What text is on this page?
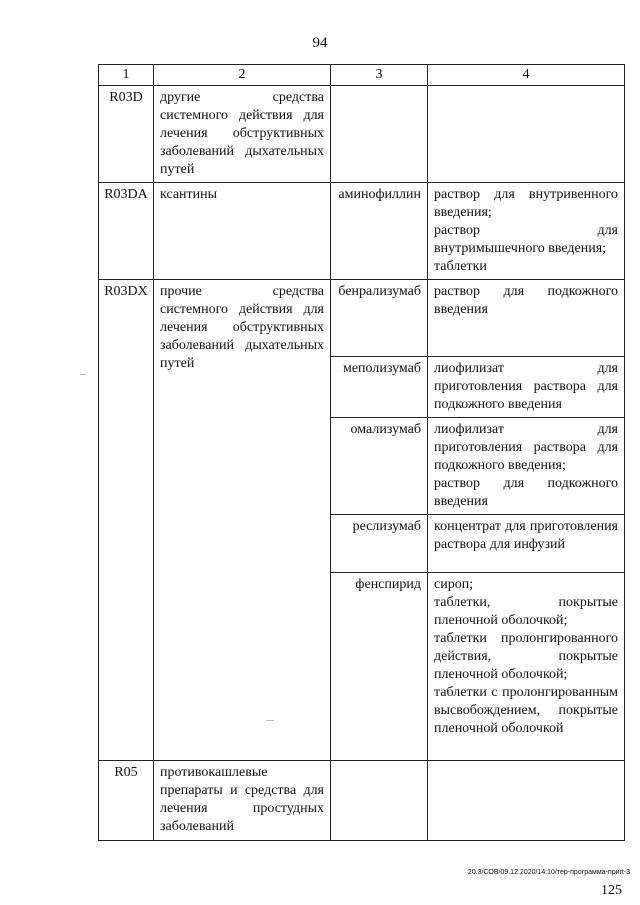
94
1	2	3	4
R03D	другие средства системного действия для лечения обструктивных заболеваний дыхательных путей		
R03DA	ксантины	аминофиллин	раствор для внутривенного введения;
раствор для внутримышечного введения;
таблетки

R03DX	прочие средства системного действия для лечения обструктивных заболеваний дыхательных путей	бенрализумаб	раствор для подкожного введения

		меполизумаб	лиофилизат для приготовления раствора для подкожного введения

		омализумаб	лиофилизат для приготовления раствора для подкожного введения;
раствор для подкожного введения

		реслизумаб	концентрат для приготовления раствора для инфузий

		фенспирид	сироп;
таблетки, покрытые пленочной оболочкой;
таблетки пролонгированного действия, покрытые пленочной оболочкой;
таблетки с пролонгированным высвобождением, покрытые пленочной оболочкой

R05	противокашлевые препараты и средства для лечения простудных заболеваний		
20.3/СОВ/09.12.2020/14:10/тер-программа-приrt-3
125
